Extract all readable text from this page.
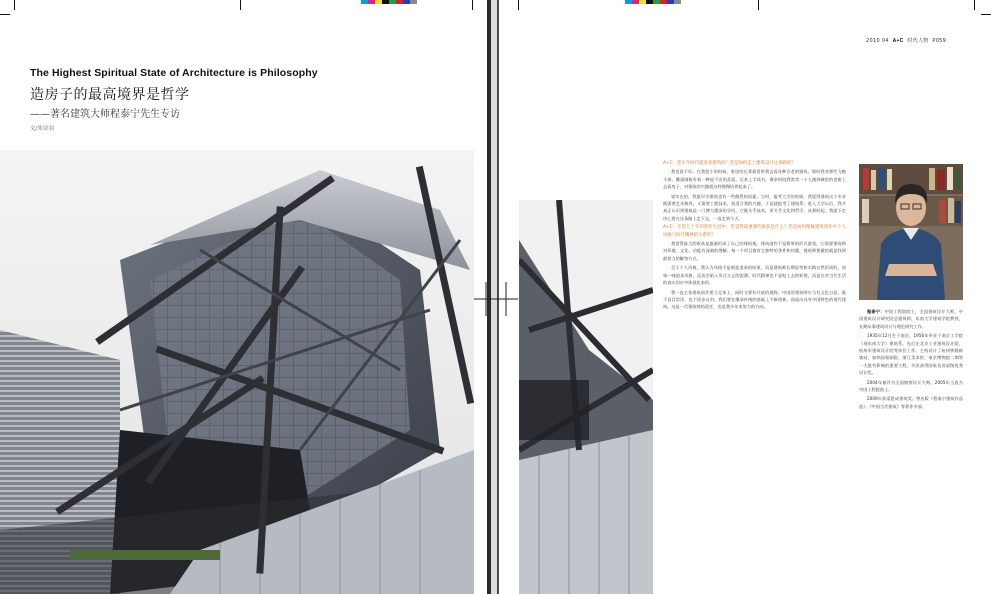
The Highest Spiritual State of Architecture is Philosophy
造房子的最高境界是哲学
——著名建筑大师程泰宁先生专访
文/朱诗羽
2010 04 A+C 时代人物 P059
A+C：您少年时代就喜欢建筑吗？您是如何走上建筑设计这条路的？

我也说不好。在我很小的时候，家里的长辈就常带我去看各种古老的建筑，那时我对那些飞檐斗拱、雕梁画栋有着一种说不出的喜爱。后来上学读书，课余时间我常常一个人跑到城里的老街上去看房子，对建筑的兴趣就这样慢慢培养起来了。

说实在的，我最早学建筑也有一些偶然的因素。当时，报考大学的时候，我觉得建筑这个专业既需要艺术修养，又需要工程技术，很适合我的兴趣，于是就报考了建筑系。进入大学以后，我才真正认识到建筑是一门博大精深的学问，它既关乎技术，更关乎文化和哲学。从那时起，我就下定决心要在这条路上走下去，一直走到今天。

A+C：在您几十年的创作生涯中，您觉得最重要的收获是什么？您是如何理解建筑创作中个人风格与时代精神的关系的？

我觉得最大的收获是逐渐形成了自己的建筑观。建筑创作不是简单的形式游戏，它需要建筑师对环境、文化、功能有深刻的理解。每一个项目都有它独特的条件和问题，建筑师要做的就是找到最恰当的解答方式。

至于个人风格，我认为风格不是刻意追求的结果，而是建筑师长期思考和实践自然形成的。如果一味追求风格，反而会陷入形式主义的泥潭。时代精神也不是贴上去的标签，而是在对当代生活的真实回应中体现出来的。

我一直主张建筑创作要立足本土，同时又要有开放的视野。中国的建筑师应当有文化自信，既不盲目崇洋，也不固步自封。我们要在继承传统的基础上不断创新，创造出具有中国特色的现代建筑。这是一代建筑师的责任，也是我多年来努力的方向。

程泰宁：中国工程院院士，全国建筑设计大师，中国建筑设计研究院总建筑师，东南大学建筑学院教授，长期从事建筑设计与理论研究工作。

1935年12月生于南京，1956年毕业于南京工学院（现东南大学）建筑系。先后在北京工业建筑设计院、杭州市建筑设计院等单位工作。主持设计了杭州铁路新客站、加纳国家剧院、浙江美术馆、南京博物院二期等一大批有影响的重要工程，多次获得国家及省部级优秀设计奖。

2004年被评为全国勘察设计大师，2005年当选为中国工程院院士。

2009年获梁思成建筑奖。曾出版《程泰宁建筑作品选》、《中国当代建筑》等著作多部。
